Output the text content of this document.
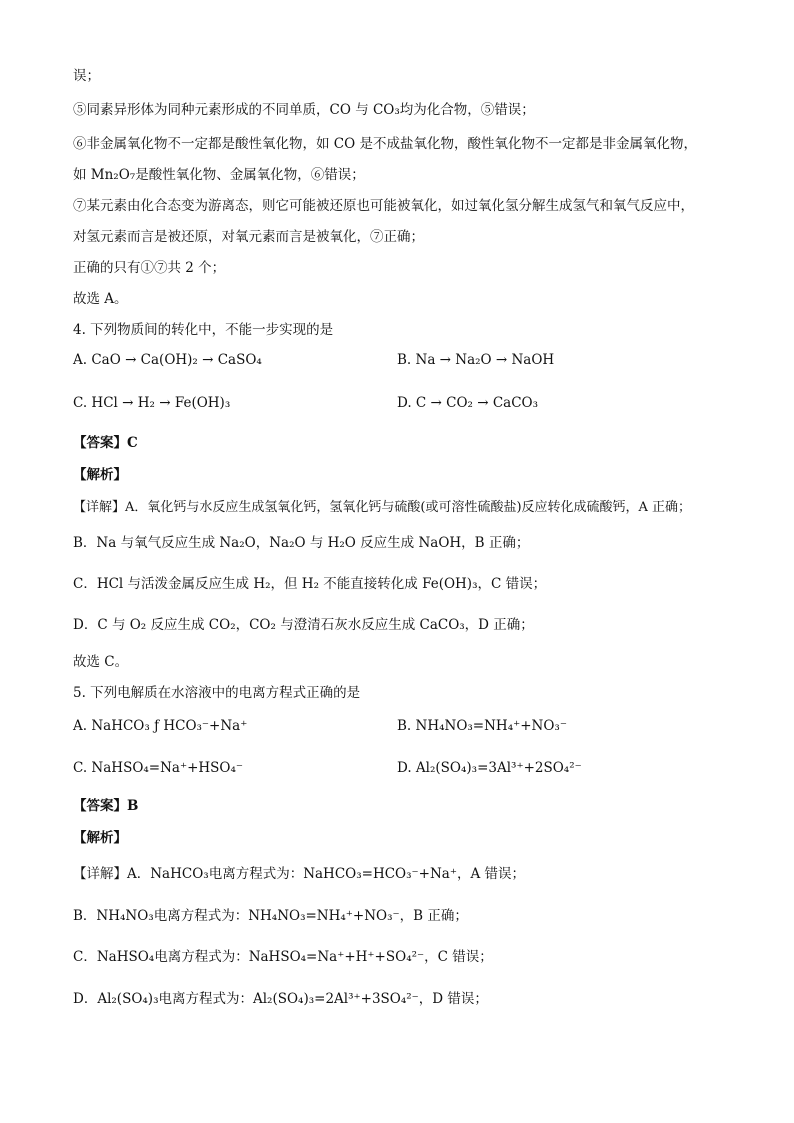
误；
⑤同素异形体为同种元素形成的不同单质，CO 与 CO₃均为化合物，⑤错误；
⑥非金属氧化物不一定都是酸性氧化物，如 CO 是不成盐氧化物，酸性氧化物不一定都是非金属氧化物，
如 Mn₂O₇是酸性氧化物、金属氧化物，⑥错误；
⑦某元素由化合态变为游离态，则它可能被还原也可能被氧化，如过氧化氢分解生成氢气和氧气反应中，
对氢元素而言是被还原，对氧元素而言是被氧化，⑦正确；
正确的只有①⑦共 2 个；
故选 A。
4. 下列物质间的转化中，不能一步实现的是
A. CaO → Ca(OH)₂ → CaSO₄	B. Na → Na₂O → NaOH
C. HCl → H₂ → Fe(OH)₃	D. C → CO₂ → CaCO₃
【答案】C
【解析】
【详解】A．氧化钙与水反应生成氢氧化钙，氢氧化钙与硫酸(或可溶性硫酸盐)反应转化成硫酸钙，A 正确；
B．Na 与氧气反应生成 Na₂O，Na₂O 与 H₂O 反应生成 NaOH，B 正确；
C．HCl 与活泼金属反应生成 H₂，但 H₂ 不能直接转化成 Fe(OH)₃，C 错误；
D．C 与 O₂ 反应生成 CO₂，CO₂ 与澄清石灰水反应生成 CaCO₃，D 正确；
故选 C。
5. 下列电解质在水溶液中的电离方程式正确的是
A. NaHCO₃ ƒ HCO₃⁻+Na⁺	B. NH₄NO₃=NH₄⁺+NO₃⁻
C. NaHSO₄=Na⁺+HSO₄⁻	D. Al₂(SO₄)₃=3Al³⁺+2SO₄²⁻
【答案】B
【解析】
【详解】A．NaHCO₃电离方程式为：NaHCO₃=HCO₃⁻+Na⁺，A 错误；
B．NH₄NO₃电离方程式为：NH₄NO₃=NH₄⁺+NO₃⁻，B 正确；
C．NaHSO₄电离方程式为：NaHSO₄=Na⁺+H⁺+SO₄²⁻，C 错误；
D．Al₂(SO₄)₃电离方程式为：Al₂(SO₄)₃=2Al³⁺+3SO₄²⁻，D 错误；
